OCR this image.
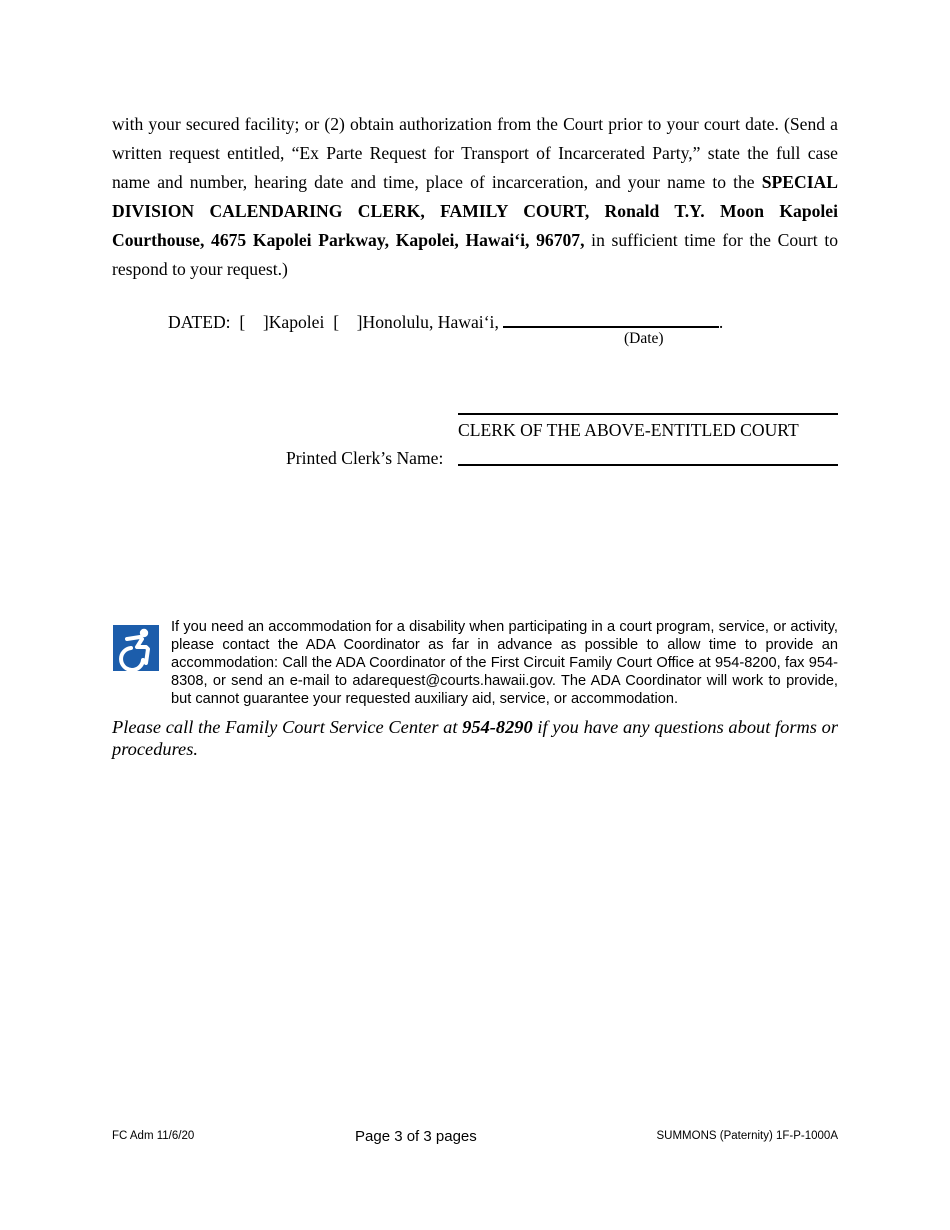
with your secured facility; or (2) obtain authorization from the Court prior to your court date. (Send a written request entitled, “Ex Parte Request for Transport of Incarcerated Party,” state the full case name and number, hearing date and time, place of incarceration, and your name to the SPECIAL DIVISION CALENDARING CLERK, FAMILY COURT, Ronald T.Y. Moon Kapolei Courthouse, 4675 Kapolei Parkway, Kapolei, Hawai‘i, 96707, in sufficient time for the Court to respond to your request.)

DATED: [ ]Kapolei [ ]Honolulu, Hawai‘i,	.
(Date)
CLERK OF THE ABOVE-ENTITLED COURT
Printed Clerk’s Name:

If you need an accommodation for a disability when participating in a court program, service, or activity, please contact the ADA Coordinator as far in advance as possible to allow time to provide an accommodation: Call the ADA Coordinator of the First Circuit Family Court Office at 954-8200, fax 954-8308, or send an e-mail to adarequest@courts.hawaii.gov. The ADA Coordinator will work to provide, but cannot guarantee your requested auxiliary aid, service, or accommodation.

Please call the Family Court Service Center at 954-8290 if you have any questions about forms or procedures.

FC Adm 11/6/20	Page 3 of 3 pages	SUMMONS (Paternity) 1F-P-1000A
